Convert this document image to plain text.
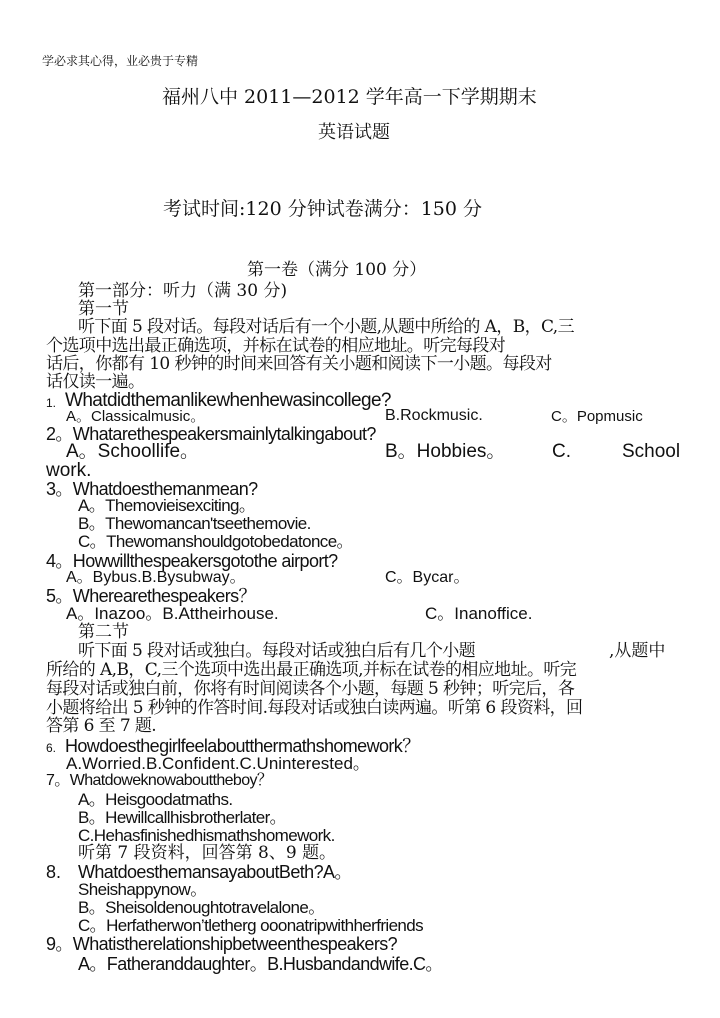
学必求其心得，业必贵于专精
福州八中 2011—2012 学年高一下学期期末
英语试题
考试时间:120 分钟试卷满分：150 分
第一卷（满分 100 分）
第一部分：听力（满 30 分)
第一节
听下面 5 段对话。每段对话后有一个小题,从题中所给的 A，B，C,三
个选项中选出最正确选项，并标在试卷的相应地址。听完每段对
话后，你都有 10 秒钟的时间来回答有关小题和阅读下一小题。每段对
话仅读一遍。
1. Whatdidthemanlikewhenhewasincollege?
A。Classicalmusic。	B.Rockmusic.	C。Popmusic
2。Whatarethespeakersmainlytalkingabout?
A。Schoollife。	B。Hobbies。 C.	School
work.
3。Whatdoesthemanmean?
A。Themovieisexciting。
B。Thewomancan'tseethemovie.
C。Thewomanshouldgotobedatonce。
4。Howwillthespeakersgotothe airport?
A。Bybus.B.Bysubway。	C。Bycar。
5。Wherearethespeakers？
A。Inazoo。B.Attheirhouse.	C。Inanoffice.
第二节
听下面 5 段对话或独白。每段对话或独白后有几个小题	,从题中
所给的 A,B，C,三个选项中选出最正确选项,并标在试卷的相应地址。听完
每段对话或独白前，你将有时间阅读各个小题，每题 5 秒钟；听完后，各
小题将给出 5 秒钟的作答时间.每段对话或独白读两遍。听第 6 段资料，回
答第 6 至 7 题.
6. Howdoesthegirlfeelaboutthermathshomework？
A.Worried.B.Confident.C.Uninterested。
7。Whatdoweknowabouttheboy？
A。Heisgoodatmaths.
B。Hewillcallhisbrotherlater。
C.Hehasfinishedhismathshomework.
听第 7 段资料，回答第 8、9 题。
8. WhatdoesthemansayaboutBeth?A。
Sheishappynow。
B。Sheisoldenoughtotravelalone。
C。Herfatherwon’tletherg ooonatripwithherfriends
9。Whatistherelationshipbetweenthespeakers?
A。Fatheranddaughter。B.Husbandandwife.C。
